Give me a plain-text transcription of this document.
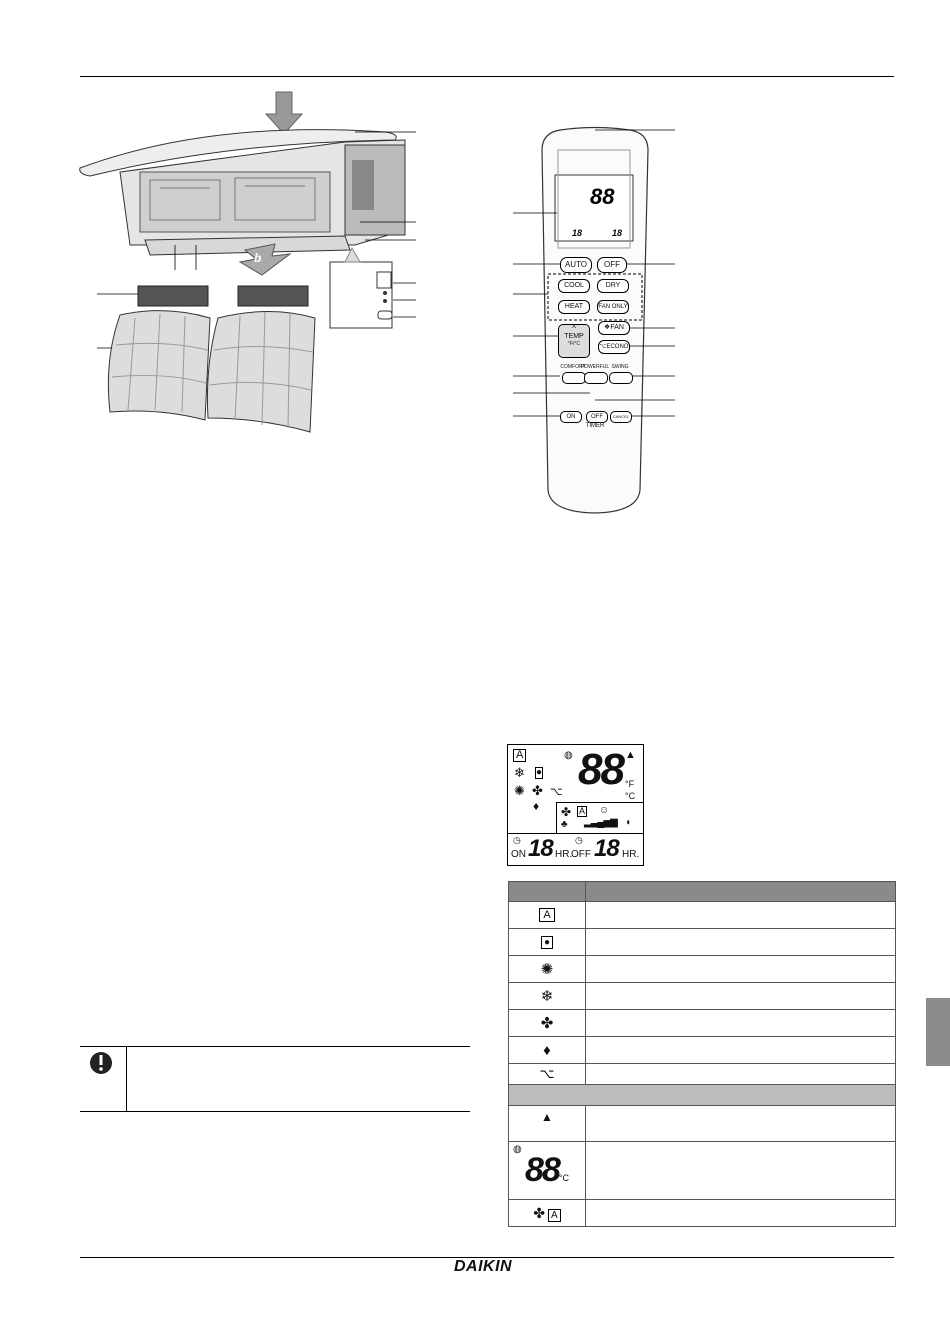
b
88
18	18
AUTO	OFF
COOL	DRY
HEAT	FAN ONLY
^
TEMP
°F/°C
❖FAN
⌥ECONO
COMFORT
POWERFUL SWING
ON	OFF	CANCEL
TIMER
A	◍ 88 ▲
°F
°C
❄ ●
✺ ✤ ⌥
♦ ✤ A ☺
▂▃▄▅▆
♣	◖
◷
ON 18 HR.
◷
OFF 18 HR.

A	
●	
✺	
❄	
✤	
♦	
⌥	

▲	

◍
88°C	
✤ A	
DAIKIN
